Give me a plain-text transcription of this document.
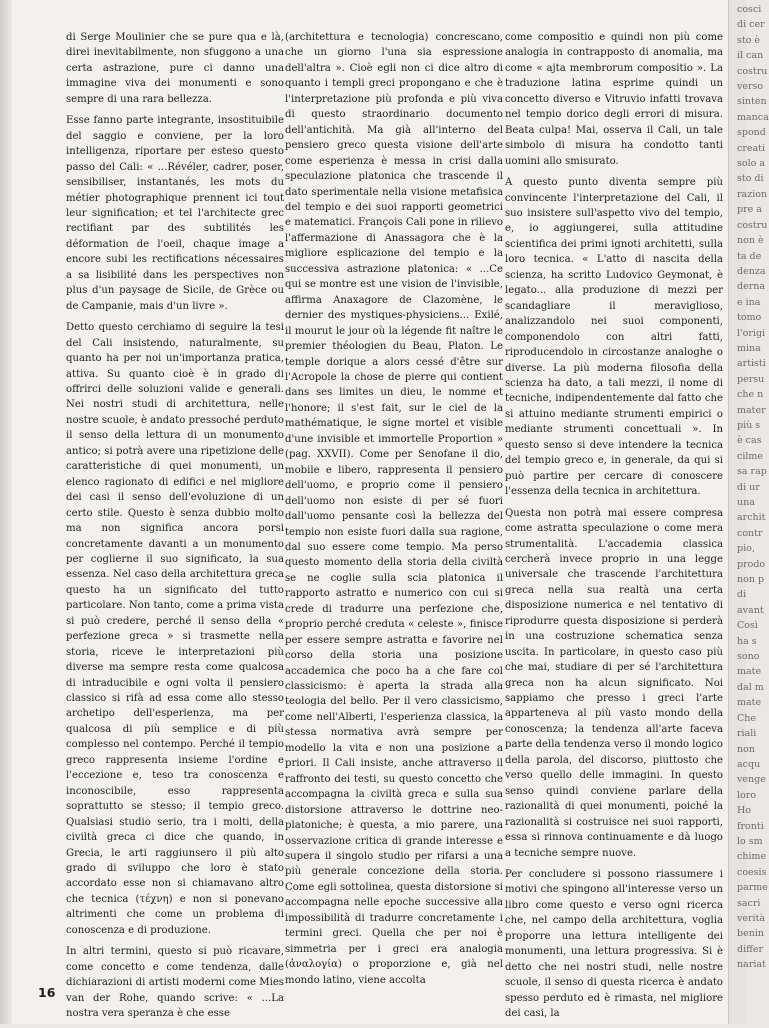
di Serge Moulinier che se pure qua e là, direi inevitabilmente, non sfuggono a una certa astrazione, pure ci danno una immagine viva dei monumenti e sono sempre di una rara bellezza.

Esse fanno parte integrante, insostituibile del saggio e conviene, per la loro intelligenza, riportare per esteso questo passo del Cali: « ...Révéler, cadrer, poser, sensibiliser, instantanés, les mots du métier photographique prennent ici tout leur signification; et tel l'architecte grec rectifiant par des subtilités les déformation de l'oeil, chaque image a encore subi les rectifications nécessaires a sa lisibilité dans les perspectives non plus d'un paysage de Sicile, de Grèce ou de Campanie, mais d'un livre ».

Detto questo cerchiamo di seguire la tesi del Cali insistendo, naturalmente, su quanto ha per noi un'importanza pratica, attiva. Su quanto cioè è in grado di offrirci delle soluzioni valide e generali. Nei nostri studi di architettura, nelle nostre scuole, è andato pressoché perduto il senso della lettura di un monumento antico; si potrà avere una ripetizione delle caratteristiche di quei monumenti, un elenco ragionato di edifici e nel migliore dei casi il senso dell'evoluzione di un certo stile. Questo è senza dubbio molto ma non significa ancora porsi concretamente davanti a un monumento per coglierne il suo significato, la sua essenza. Nel caso della architettura greca questo ha un significato del tutto particolare. Non tanto, come a prima vista si può credere, perché il senso della « perfezione greca » si trasmette nella storia, riceve le interpretazioni più diverse ma sempre resta come qualcosa di intraducibile e ogni volta il pensiero classico si rifà ad essa come allo stesso archetipo dell'esperienza, ma per qualcosa di più semplice e di più complesso nel contempo. Perché il tempio greco rappresenta insieme l'ordine e l'eccezione e, teso tra conoscenza e inconoscibile, esso rappresenta soprattutto se stesso; il tempio greco. Qualsiasi studio serio, tra i molti, della civiltà greca ci dice che quando, in Grecia, le arti raggiunsero il più alto grado di sviluppo che loro è stato accordato esse non si chiamavano altro che tecnica (τέχνη) e non si ponevano altrimenti che come un problema di conoscenza e di produzione.

In altri termini, questo si può ricavare, come concetto e come tendenza, dalle dichiarazioni di artisti moderni come Mies van der Rohe, quando scrive: « ...La nostra vera speranza è che esse

(architettura e tecnologia) concrescano, che un giorno l'una sia espressione dell'altra ». Cioè egli non ci dice altro di quanto i templi greci propongano e che è l'interpretazione più profonda e più viva di questo straordinario documento dell'antichità. Ma già all'interno del pensiero greco questa visione dell'arte come esperienza è messa in crisi dalla speculazione platonica che trascende il dato sperimentale nella visione metafisica del tempio e dei suoi rapporti geometrici e matematici. François Cali pone in rilievo l'affermazione di Anassagora che è la migliore esplicazione del tempio e la successiva astrazione platonica: « ...Ce qui se montre est une vision de l'invisible, affirma Anaxagore de Clazomène, le dernier des mystiques-physiciens... Exilé, il mourut le jour où la légende fit naître le premier théologien du Beau, Platon. Le temple dorique a alors cessé d'être sur l'Acropole la chose de pierre qui contient dans ses limites un dieu, le nomme et l'honore; il s'est fait, sur le ciel de la mathématique, le signe mortel et visible d'une invisible et immortelle Proportion » (pag. XXVII). Come per Senofane il dio, mobile e libero, rappresenta il pensiero dell'uomo, e proprio come il pensiero dell'uomo non esiste di per sé fuori dall'uomo pensante così la bellezza del tempio non esiste fuori dalla sua ragione, dal suo essere come tempio. Ma perso questo momento della storia della civiltà se ne coglie sulla scia platonica il rapporto astratto e numerico con cui si crede di tradurre una perfezione che, proprio perché creduta « celeste », finisce per essere sempre astratta e favorire nel corso della storia una posizione accademica che poco ha a che fare col classicismo: è aperta la strada alla teologia del bello. Per il vero classicismo, come nell'Alberti, l'esperienza classica, la stessa normativa avrà sempre per modello la vita e non una posizione a priori. Il Cali insiste, anche attraverso il raffronto dei testi, su questo concetto che accompagna la civiltà greca e sulla sua distorsione attraverso le dottrine neo-platoniche; è questa, a mio parere, una osservazione critica di grande interesse e supera il singolo studio per rifarsi a una più generale concezione della storia. Come egli sottolinea, questa distorsione si accompagna nelle epoche successive alla impossibilità di tradurre concretamente i termini greci. Quella che per noi è simmetria per i greci era analogia (ἀναλογία) o proporzione e, già nel mondo latino, viene accolta

come compositio e quindi non più come analogia in contrapposto di anomalia, ma come « ajta membrorum compositio ». La traduzione latina esprime quindi un concetto diverso e Vitruvio infatti trovava nel tempio dorico degli errori di misura. Beata culpa! Mai, osserva il Cali, un tale simbolo di misura ha condotto tanti uomini allo smisurato.

A questo punto diventa sempre più convincente l'interpretazione del Cali, il suo insistere sull'aspetto vivo del tempio, e, io aggiungerei, sulla attitudine scientifica dei primi ignoti architetti, sulla loro tecnica. « L'atto di nascita della scienza, ha scritto Ludovico Geymonat, è legato... alla produzione di mezzi per scandagliare il meraviglioso, analizzandolo nei suoi componenti, componendolo con altri fatti, riproducendolo in circostanze analoghe o diverse. La più moderna filosofia della scienza ha dato, a tali mezzi, il nome di tecniche, indipendentemente dal fatto che si attuino mediante strumenti empirici o mediante strumenti concettuali ». In questo senso si deve intendere la tecnica del tempio greco e, in generale, da qui si può partire per cercare di conoscere l'essenza della tecnica in architettura.

Questa non potrà mai essere compresa come astratta speculazione o come mera strumentalità. L'accademia classica cercherà invece proprio in una legge universale che trascende l'architettura greca nella sua realtà una certa disposizione numerica e nel tentativo di riprodurre questa disposizione si perderà in una costruzione schematica senza uscita. In particolare, in questo caso più che mai, studiare di per sé l'architettura greca non ha alcun significato. Noi sappiamo che presso i greci l'arte apparteneva al più vasto mondo della conoscenza; la tendenza all'arte faceva parte della tendenza verso il mondo logico della parola, del discorso, piuttosto che verso quello delle immagini. In questo senso quindi conviene parlare della razionalità di quei monumenti, poiché la razionalità si costruisce nei suoi rapporti, essa si rinnova continuamente e dà luogo a tecniche sempre nuove.

Per concludere si possono riassumere i motivi che spingono all'interesse verso un libro come questo e verso ogni ricerca che, nel campo della architettura, voglia proporre una lettura intelligente dei monumenti, una lettura progressiva. Si è detto che nei nostri studi, nelle nostre scuole, il senso di questa ricerca è andato spesso perduto ed è rimasta, nel migliore dei casi, la

cosci
di cer
sto è
il can
costru
verso
sinten
manca
spond
creati
solo a
sto di
razion
pre a
costru
non è
ta de
denza
derna
e ina
tomo
l'origi
mina
artisti
persu
che n
mater
più s
è cas
cilme
sa rap
di ur
una
archit
contr
pio,
prodo
non p
di
avant
Così
ha s
sono
mate
dal m
mate
Che
riali
non
acqu
venge
loro
Ho
fronti
lo sm
chime
coesis
parme
sacri
verità
benin
differ
nariat
16
